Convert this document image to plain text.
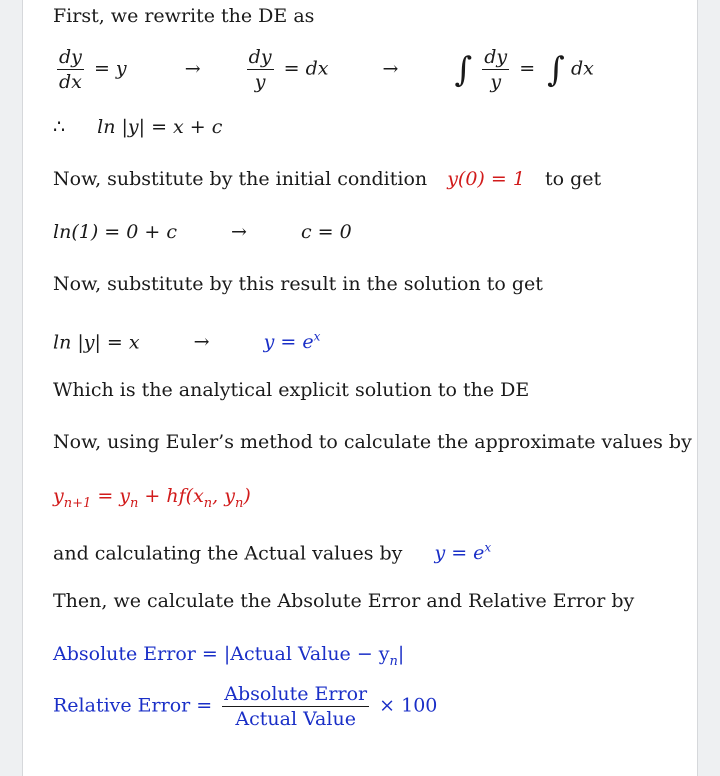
First, we rewrite the DE as
$\frac{dy}{dx} = y$	→ $\frac{dy}{y}$ = dx	→ ∫ $\frac{dy}{y}$ = ∫ dx
∴ ln |y| = x + c
Now, substitute by the initial condition y(0) = 1 to get
ln(1) = 0 + c	→	c = 0
Now, substitute by this result in the solution to get
ln |y| = x	→	$y = e^x$
Which is the analytical explicit solution to the DE
Now, using Euler’s method to calculate the approximate values by
$y_{n+1} = y_n + hf(x_n$, $y_n$)
and calculating the Actual values by $y = e^x$
Then, we calculate the Absolute Error and Relative Error by
Absolute Error = |Actual Value − $y_n|$
Relative Error = $\frac{\text{Absolute Error}}{\text{Actual Value}} \times 100$
